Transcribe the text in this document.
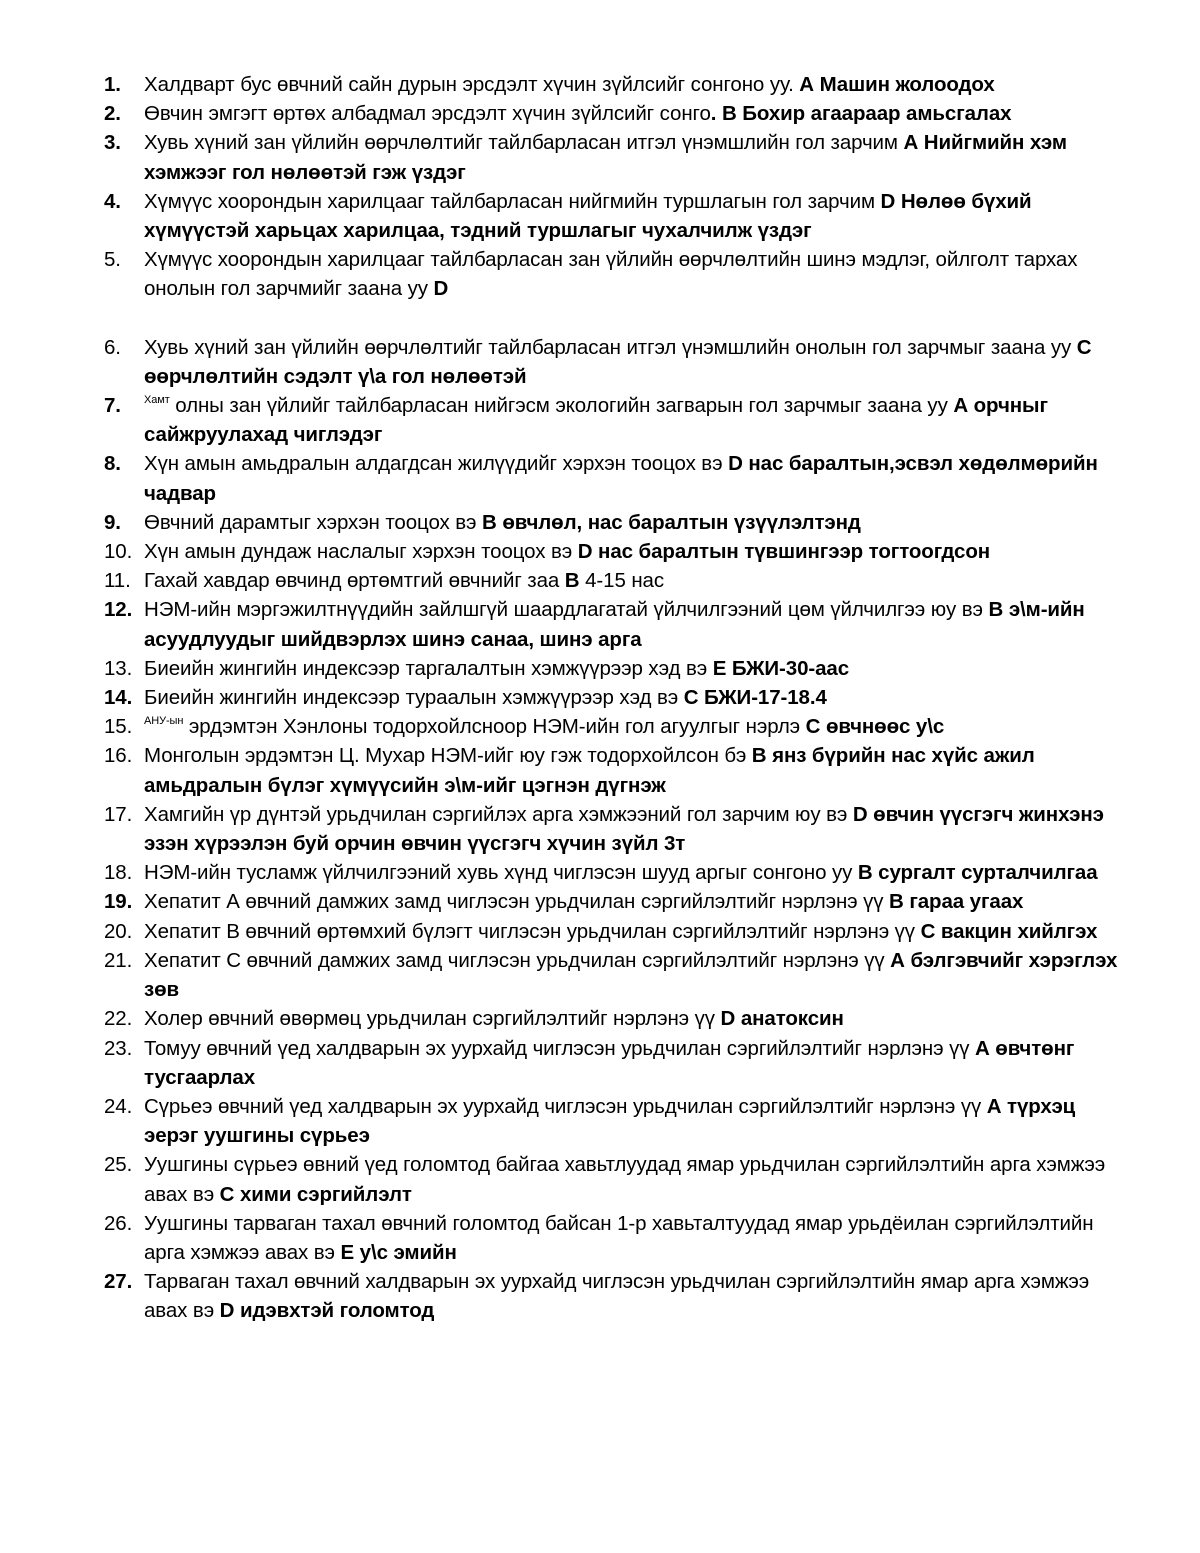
1.	Халдварт бус өвчний сайн дурын эрсдэлт хүчин зүйлсийг сонгоно уу. А Машин жолоодох
2.	Өвчин эмгэгт өртөх албадмал эрсдэлт хүчин зүйлсийг сонго. В Бохир агаараар амьсгалах
3.	Хувь хүний зан үйлийн өөрчлөлтийг тайлбарласан итгэл үнэмшлийн гол зарчим А Нийгмийн хэм хэмжээг гол нөлөөтэй гэж үздэг
4.	Хүмүүс хоорондын харилцааг тайлбарласан нийгмийн туршлагын гол зарчим D Нөлөө бүхий хүмүүстэй харьцах харилцаа, тэдний туршлагыг чухалчилж үздэг
5.	Хүмүүс хоорондын харилцааг тайлбарласан зан үйлийн өөрчлөлтийн шинэ мэдлэг, ойлголт тархах онолын гол зарчмийг заана уу D
6.	Хувь хүний зан үйлийн өөрчлөлтийг тайлбарласан итгэл үнэмшлийн онолын гол зарчмыг заана уу С өөрчлөлтийн сэдэлт ү\а гол нөлөөтэй
7.	$^{Хамт}$ олны зан үйлийг тайлбарласан нийгэсм экологийн загварын гол зарчмыг заана уу А орчныг сайжруулахад чиглэдэг
8.	Хүн амын амьдралын алдагдсан жилүүдийг хэрхэн тооцох вэ D нас баралтын,эсвэл хөдөлмөрийн чадвар
9.	Өвчний дарамтыг хэрхэн тооцох вэ В өвчлөл, нас баралтын үзүүлэлтэнд
10. Хүн амын дундаж наслалыг хэрхэн тооцох вэ D нас баралтын түвшингээр тогтоогдсон
11. Гахай хавдар өвчинд өртөмтгий өвчнийг заа В 4-15 нас
12. НЭМ-ийн мэргэжилтнүүдийн зайлшгүй шаардлагатай үйлчилгээний цөм үйлчилгээ юу вэ В э\м-ийн асуудлуудыг шийдвэрлэх шинэ санаа, шинэ арга
13. Биеийн жингийн индексээр таргалалтын хэмжүүрээр хэд вэ Е БЖИ-30-аас
14. Биеийн жингийн индексээр тураалын хэмжүүрээр хэд вэ С БЖИ-17-18.4
15.	$^{АНУ-ын}$ эрдэмтэн Хэнлоны тодорхойлсноор НЭМ-ийн гол агуулгыг нэрлэ С өвчнөөс у\с
16. Монголын эрдэмтэн Ц. Мухар НЭМ-ийг юу гэж тодорхойлсон бэ В янз бүрийн нас хүйс ажил амьдралын бүлэг хүмүүсийн э\м-ийг цэгнэн дүгнэж
17. Хамгийн үр дүнтэй урьдчилан сэргийлэх арга хэмжээний гол зарчим юу вэ D өвчин үүсгэгч жинхэнэ эзэн хүрээлэн буй орчин өвчин үүсгэгч хүчин зүйл 3т
18. НЭМ-ийн тусламж үйлчилгээний хувь хүнд чиглэсэн шууд аргыг сонгоно уу В сургалт сурталчилгаа
19. Хепатит А өвчний дамжих замд чиглэсэн урьдчилан сэргийлэлтийг нэрлэнэ үү В гараа угаах
20. Хепатит В өвчний өртөмхий бүлэгт чиглэсэн урьдчилан сэргийлэлтийг нэрлэнэ үү С вакцин хийлгэх
21. Хепатит С өвчний дамжих замд чиглэсэн урьдчилан сэргийлэлтийг нэрлэнэ үү А бэлгэвчийг хэрэглэх зөв
22. Холер өвчний өвөрмөц урьдчилан сэргийлэлтийг нэрлэнэ үү D анатоксин
23. Томуу өвчний үед халдварын эх уурхайд чиглэсэн урьдчилан сэргийлэлтийг нэрлэнэ үү А өвчтөнг тусгаарлах
24. Сүрьеэ өвчний үед халдварын эх уурхайд чиглэсэн урьдчилан сэргийлэлтийг нэрлэнэ үү А түрхэц эерэг уушгины сүрьеэ
25. Уушгины сүрьеэ өвний үед голомтод байгаа хавьтлуудад ямар урьдчилан сэргийлэлтийн арга хэмжээ авах вэ С хими сэргийлэлт
26. Уушгины тарваган тахал өвчний голомтод байсан 1-р хавьталтуудад ямар урьдёилан сэргийлэлтийн арга хэмжээ авах вэ Е у\с эмийн
27. Тарваган тахал өвчний халдварын эх уурхайд чиглэсэн урьдчилан сэргийлэлтийн ямар арга хэмжээ авах вэ D идэвхтэй голомтод
